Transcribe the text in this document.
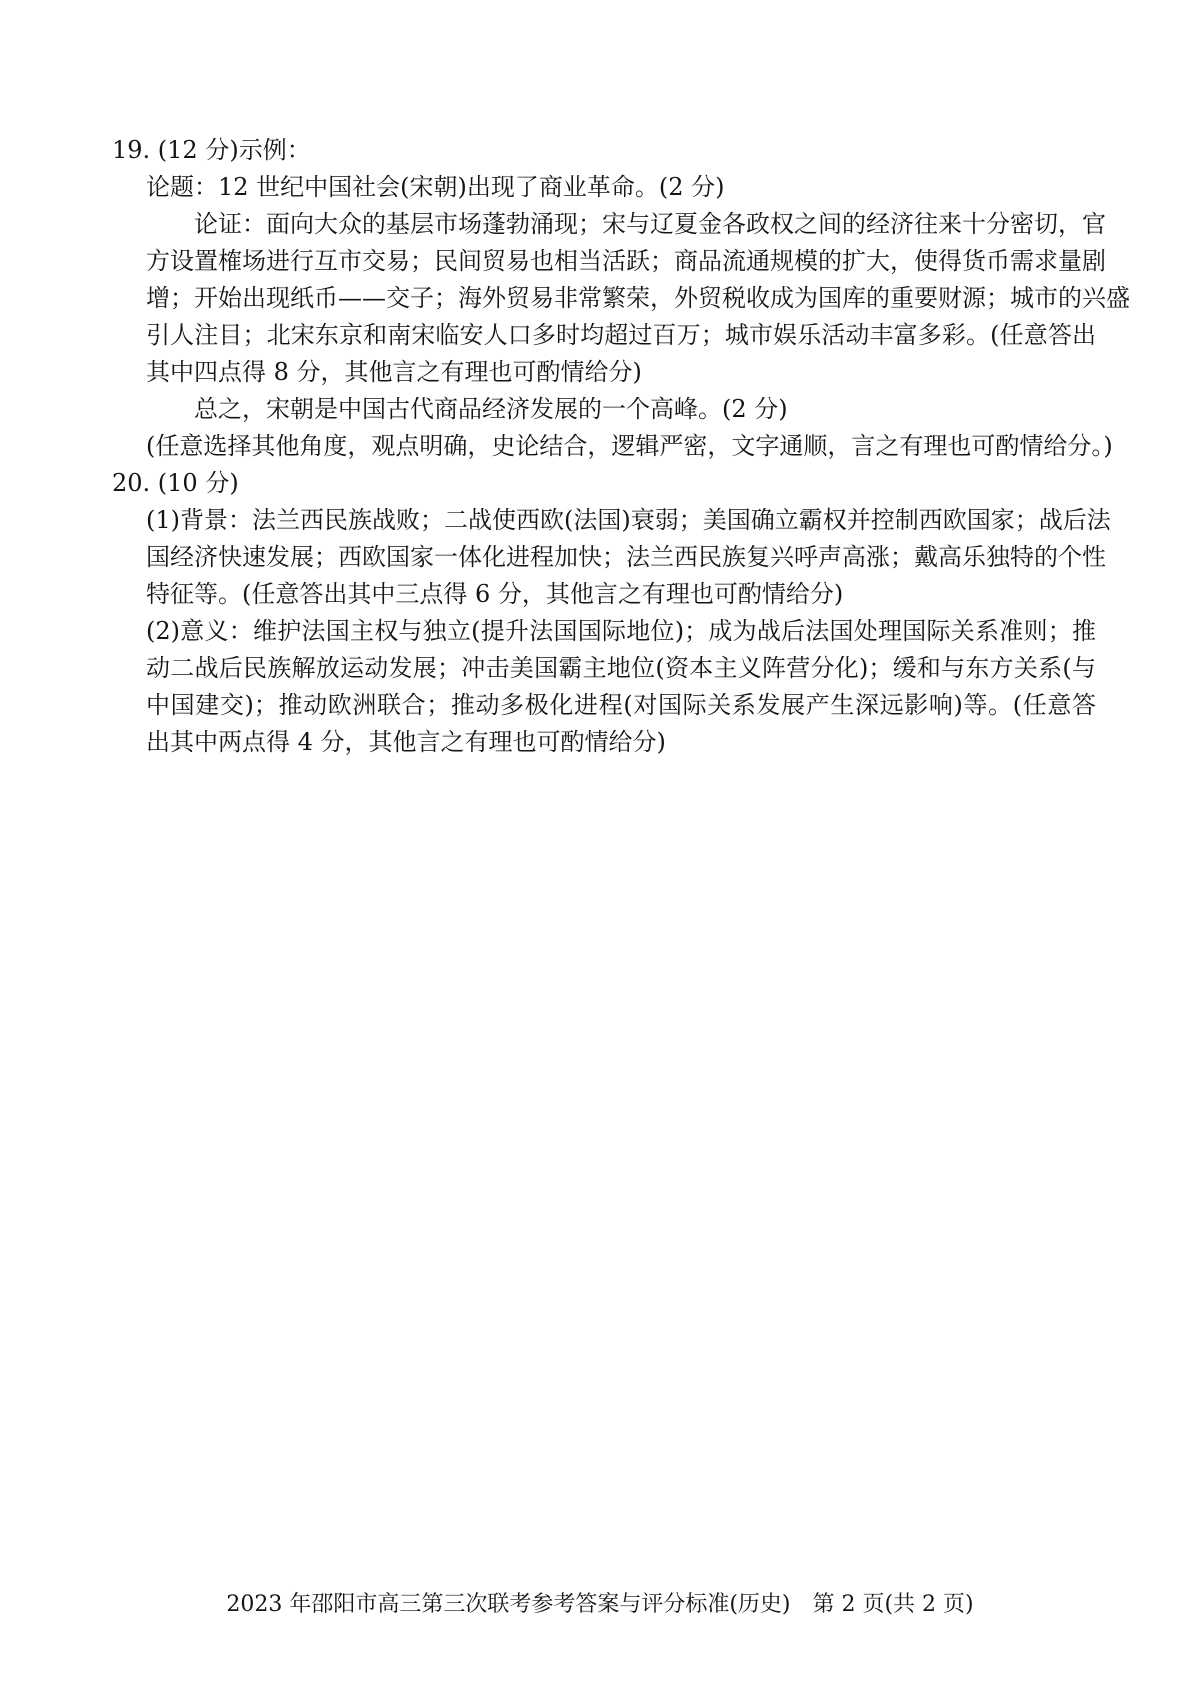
19. (12 分)示例：
论题：12 世纪中国社会(宋朝)出现了商业革命。(2 分)
论证：面向大众的基层市场蓬勃涌现；宋与辽夏金各政权之间的经济往来十分密切，官
方设置榷场进行互市交易；民间贸易也相当活跃；商品流通规模的扩大，使得货币需求量剧
增；开始出现纸币——交子；海外贸易非常繁荣，外贸税收成为国库的重要财源；城市的兴盛
引人注目；北宋东京和南宋临安人口多时均超过百万；城市娱乐活动丰富多彩。(任意答出
其中四点得 8 分，其他言之有理也可酌情给分)
总之，宋朝是中国古代商品经济发展的一个高峰。(2 分)
(任意选择其他角度，观点明确，史论结合，逻辑严密，文字通顺，言之有理也可酌情给分。)
20. (10 分)
(1)背景：法兰西民族战败；二战使西欧(法国)衰弱；美国确立霸权并控制西欧国家；战后法
国经济快速发展；西欧国家一体化进程加快；法兰西民族复兴呼声高涨；戴高乐独特的个性
特征等。(任意答出其中三点得 6 分，其他言之有理也可酌情给分)
(2)意义：维护法国主权与独立(提升法国国际地位)；成为战后法国处理国际关系准则；推
动二战后民族解放运动发展；冲击美国霸主地位(资本主义阵营分化)；缓和与东方关系(与
中国建交)；推动欧洲联合；推动多极化进程(对国际关系发展产生深远影响)等。(任意答
出其中两点得 4 分，其他言之有理也可酌情给分)
2023 年邵阳市高三第三次联考参考答案与评分标准(历史)　第 2 页(共 2 页)
